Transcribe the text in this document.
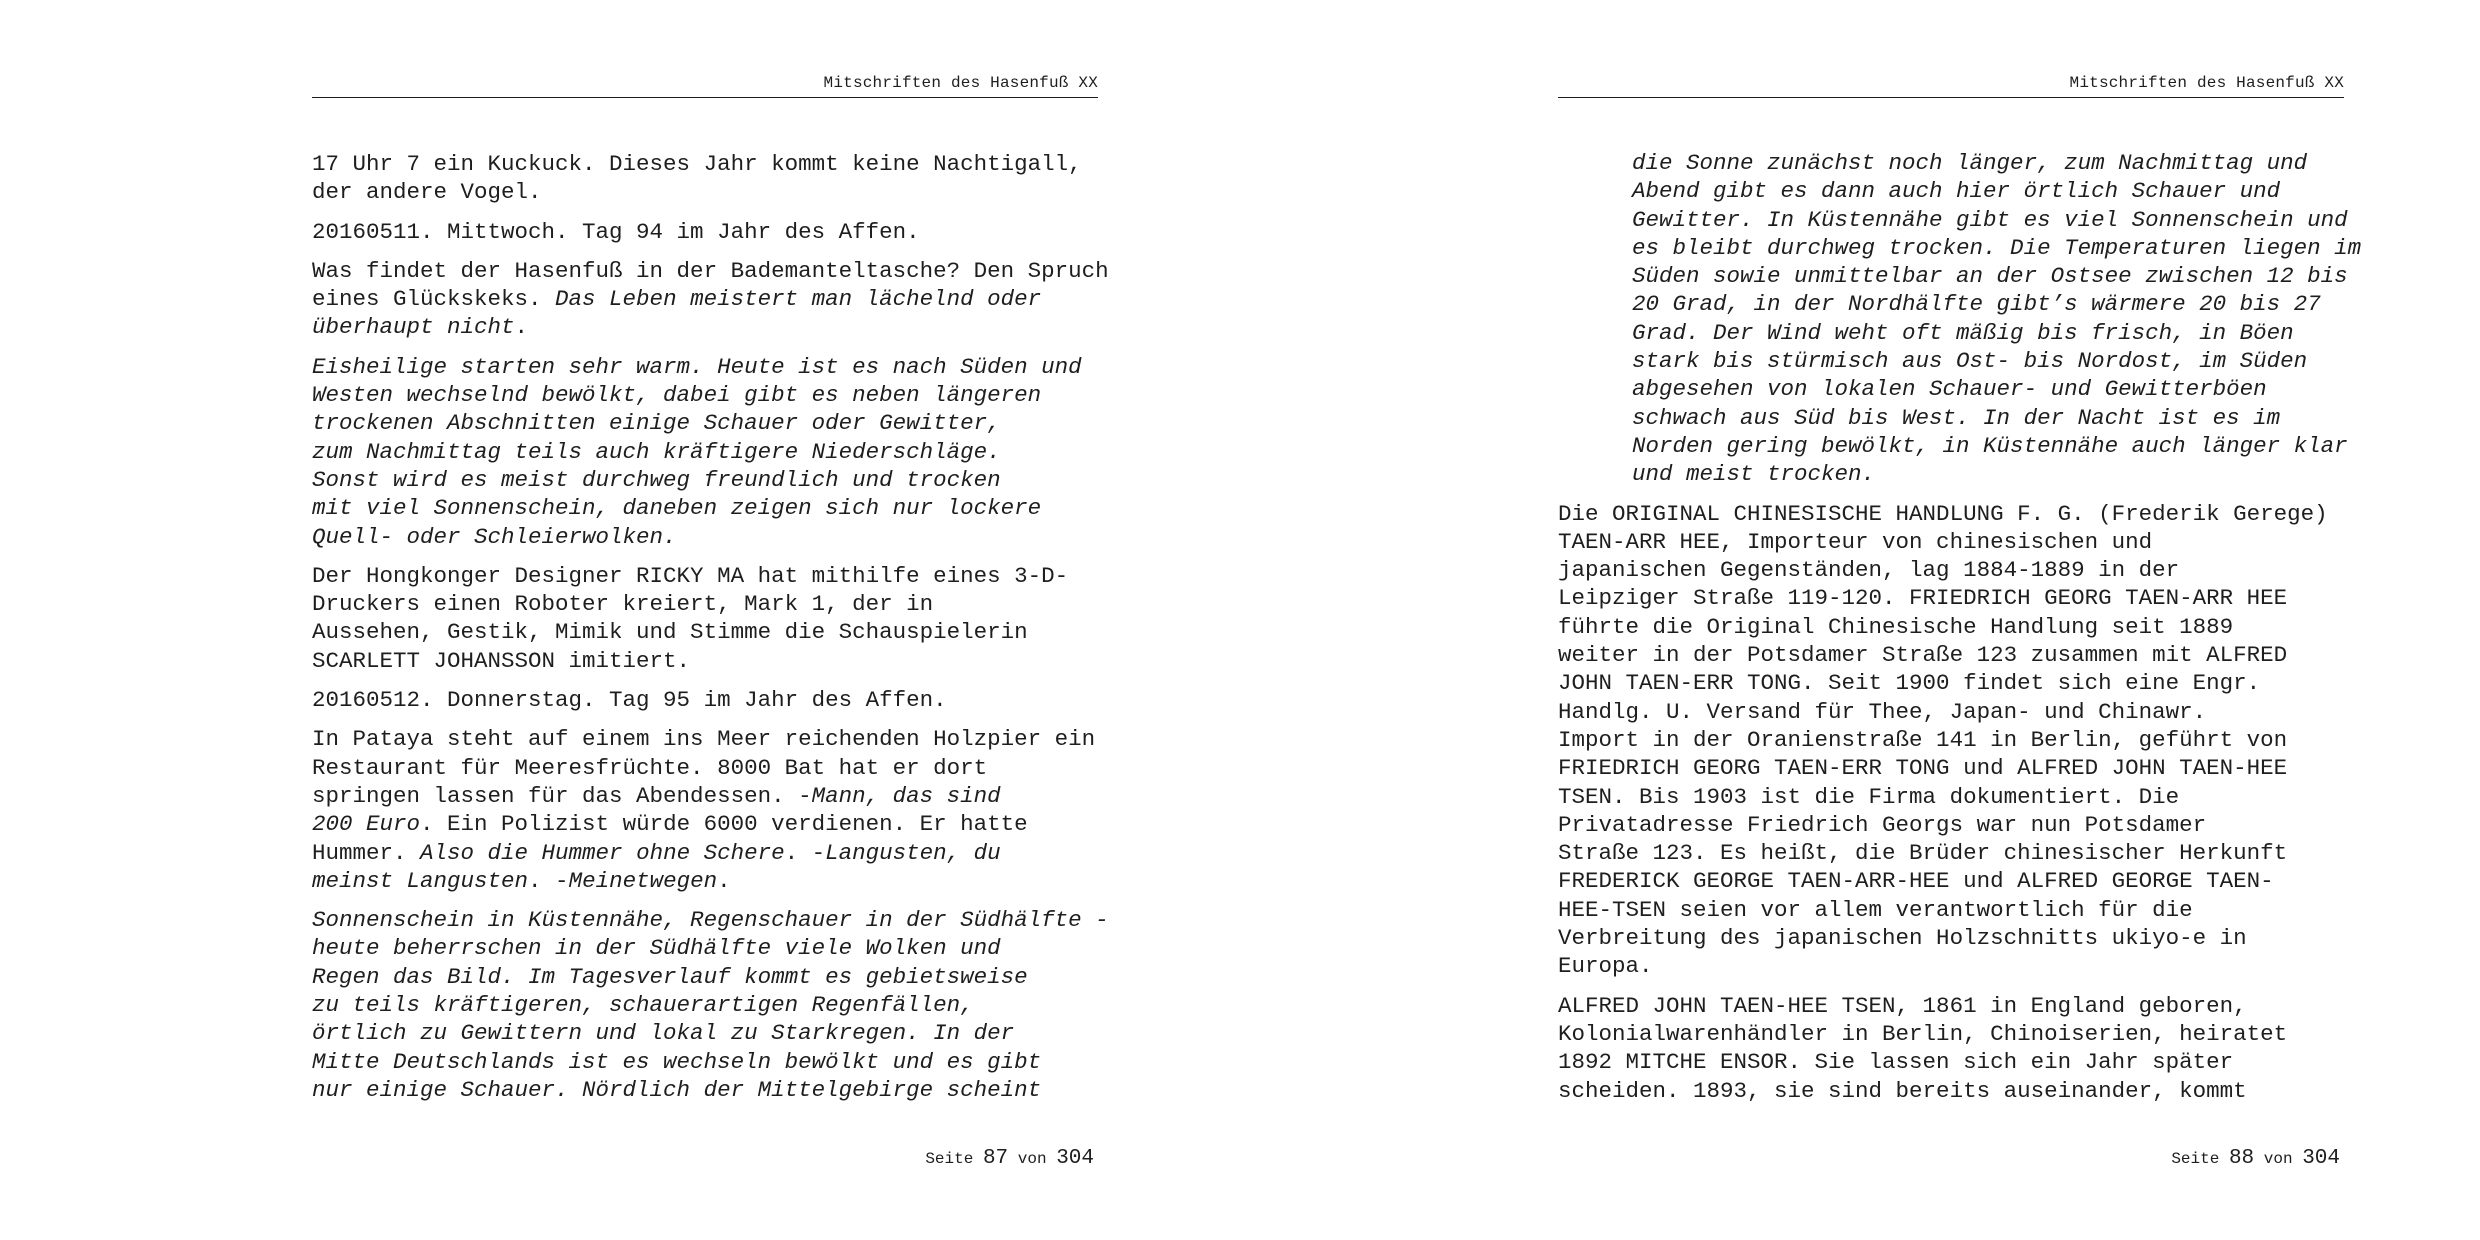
Mitschriften des Hasenfuß XX

17 Uhr 7 ein Kuckuck. Dieses Jahr kommt keine Nachtigall,
der andere Vogel.

20160511. Mittwoch. Tag 94 im Jahr des Affen.

Was findet der Hasenfuß in der Bademanteltasche? Den Spruch
eines Glückskeks. Das Leben meistert man lächelnd oder
überhaupt nicht.

Eisheilige starten sehr warm. Heute ist es nach Süden und
Westen wechselnd bewölkt, dabei gibt es neben längeren
trockenen Abschnitten einige Schauer oder Gewitter,
zum Nachmittag teils auch kräftigere Niederschläge.
Sonst wird es meist durchweg freundlich und trocken
mit viel Sonnenschein, daneben zeigen sich nur lockere
Quell- oder Schleierwolken.

Der Hongkonger Designer RICKY MA hat mithilfe eines 3-D-
Druckers einen Roboter kreiert, Mark 1, der in
Aussehen, Gestik, Mimik und Stimme die Schauspielerin
SCARLETT JOHANSSON imitiert.

20160512. Donnerstag. Tag 95 im Jahr des Affen.

In Pataya steht auf einem ins Meer reichenden Holzpier ein
Restaurant für Meeresfrüchte. 8000 Bat hat er dort
springen lassen für das Abendessen. -Mann, das sind
200 Euro. Ein Polizist würde 6000 verdienen. Er hatte
Hummer. Also die Hummer ohne Schere. -Langusten, du
meinst Langusten. -Meinetwegen.

Sonnenschein in Küstennähe, Regenschauer in der Südhälfte -
heute beherrschen in der Südhälfte viele Wolken und
Regen das Bild. Im Tagesverlauf kommt es gebietsweise
zu teils kräftigeren, schauerartigen Regenfällen,
örtlich zu Gewittern und lokal zu Starkregen. In der
Mitte Deutschlands ist es wechseln bewölkt und es gibt
nur einige Schauer. Nördlich der Mittelgebirge scheint

Seite 87 von 304
Mitschriften des Hasenfuß XX

die Sonne zunächst noch länger, zum Nachmittag und
Abend gibt es dann auch hier örtlich Schauer und
Gewitter. In Küstennähe gibt es viel Sonnenschein und
es bleibt durchweg trocken. Die Temperaturen liegen im
Süden sowie unmittelbar an der Ostsee zwischen 12 bis
20 Grad, in der Nordhälfte gibt’s wärmere 20 bis 27
Grad. Der Wind weht oft mäßig bis frisch, in Böen
stark bis stürmisch aus Ost- bis Nordost, im Süden
abgesehen von lokalen Schauer- und Gewitterböen
schwach aus Süd bis West. In der Nacht ist es im
Norden gering bewölkt, in Küstennähe auch länger klar
und meist trocken.

Die ORIGINAL CHINESISCHE HANDLUNG F. G. (Frederik Gerege)
TAEN-ARR HEE, Importeur von chinesischen und
japanischen Gegenständen, lag 1884-1889 in der
Leipziger Straße 119-120. FRIEDRICH GEORG TAEN-ARR HEE
führte die Original Chinesische Handlung seit 1889
weiter in der Potsdamer Straße 123 zusammen mit ALFRED
JOHN TAEN-ERR TONG. Seit 1900 findet sich eine Engr.
Handlg. U. Versand für Thee, Japan- und Chinawr.
Import in der Oranienstraße 141 in Berlin, geführt von
FRIEDRICH GEORG TAEN-ERR TONG und ALFRED JOHN TAEN-HEE
TSEN. Bis 1903 ist die Firma dokumentiert. Die
Privatadresse Friedrich Georgs war nun Potsdamer
Straße 123. Es heißt, die Brüder chinesischer Herkunft
FREDERICK GEORGE TAEN-ARR-HEE und ALFRED GEORGE TAEN-
HEE-TSEN seien vor allem verantwortlich für die
Verbreitung des japanischen Holzschnitts ukiyo-e in
Europa.

ALFRED JOHN TAEN-HEE TSEN, 1861 in England geboren,
Kolonialwarenhändler in Berlin, Chinoiserien, heiratet
1892 MITCHE ENSOR. Sie lassen sich ein Jahr später
scheiden. 1893, sie sind bereits auseinander, kommt

Seite 88 von 304
